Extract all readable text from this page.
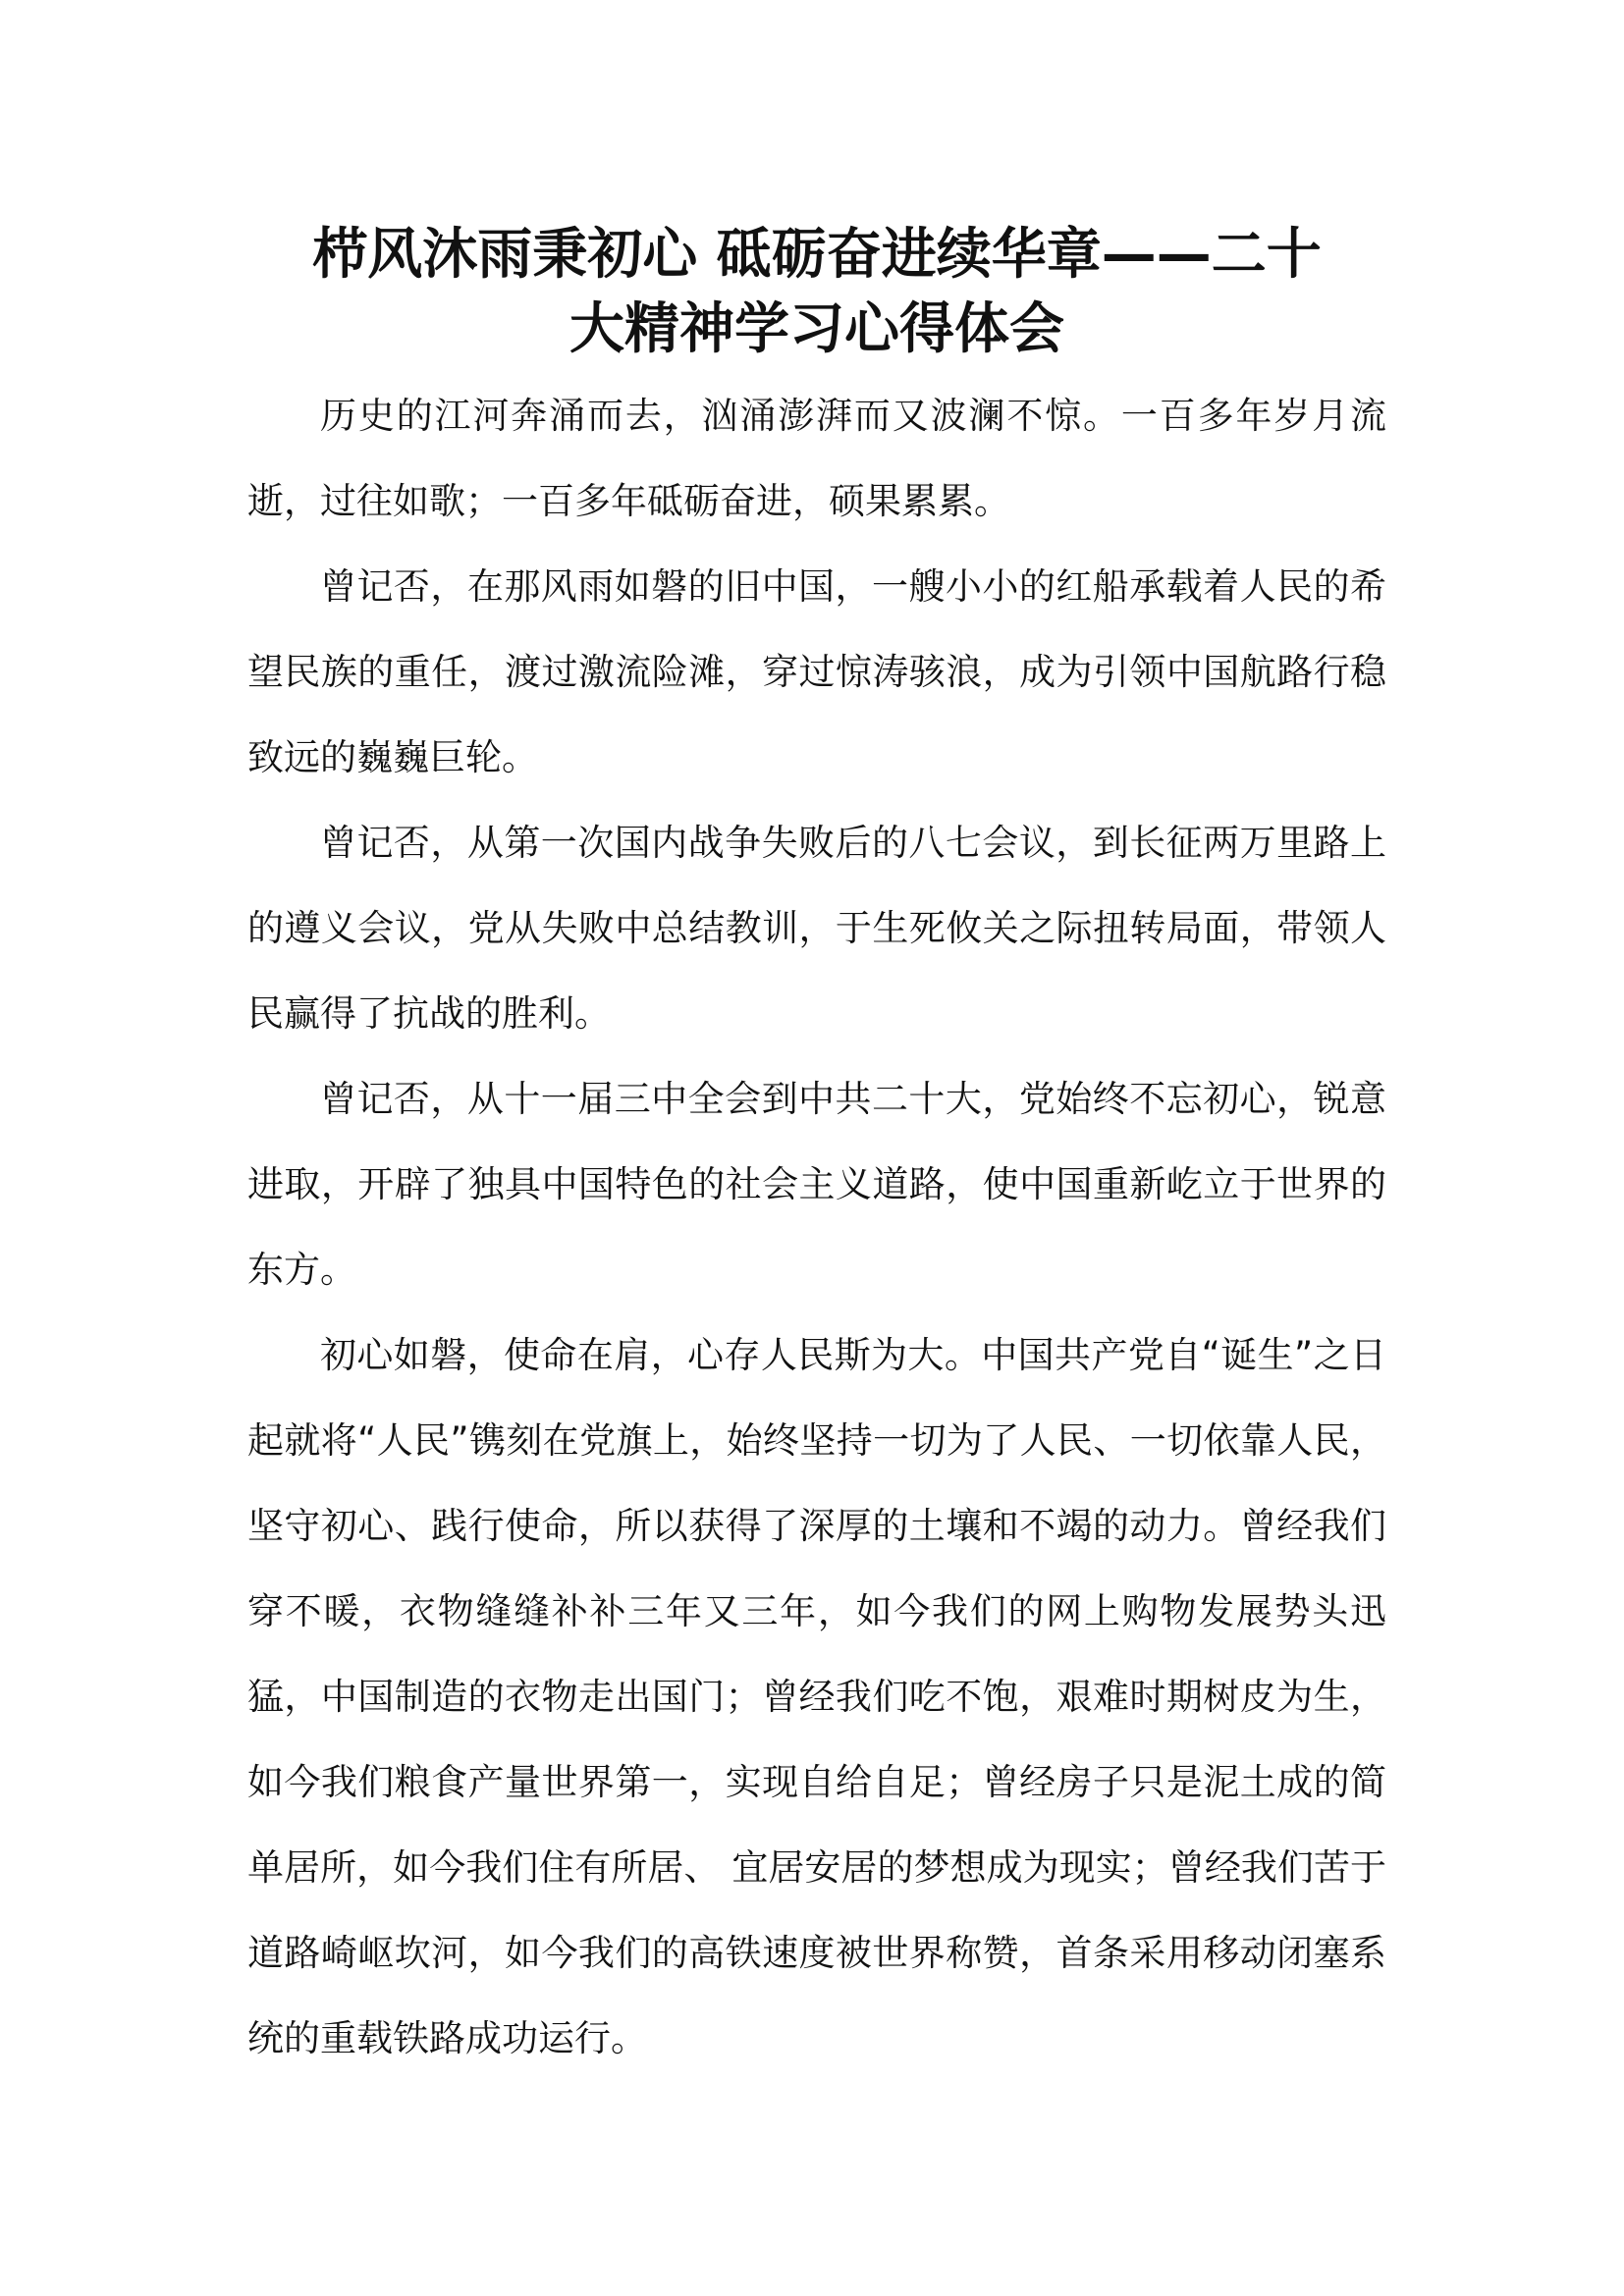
栉风沐雨秉初心 砥砺奋进续华章——二十
大精神学习心得体会

历史的江河奔涌而去，汹涌澎湃而又波澜不惊。一百多年岁月流逝，过往如歌；一百多年砥砺奋进，硕果累累。

曾记否，在那风雨如磐的旧中国，一艘小小的红船承载着人民的希望民族的重任，渡过激流险滩，穿过惊涛骇浪，成为引领中国航路行稳致远的巍巍巨轮。

曾记否，从第一次国内战争失败后的八七会议，到长征两万里路上的遵义会议，党从失败中总结教训，于生死攸关之际扭转局面，带领人民赢得了抗战的胜利。

曾记否，从十一届三中全会到中共二十大，党始终不忘初心，锐意进取，开辟了独具中国特色的社会主义道路，使中国重新屹立于世界的东方。

初心如磐，使命在肩，心存人民斯为大。中国共产党自“诞生”之日起就将“人民”镌刻在党旗上，始终坚持一切为了人民、一切依靠人民，坚守初心、践行使命，所以获得了深厚的土壤和不竭的动力。曾经我们穿不暖，衣物缝缝补补三年又三年，如今我们的网上购物发展势头迅猛，中国制造的衣物走出国门；曾经我们吃不饱，艰难时期树皮为生，如今我们粮食产量世界第一，实现自给自足；曾经房子只是泥土成的简单居所，如今我们住有所居、 宜居安居的梦想成为现实；曾经我们苦于道路崎岖坎河，如今我们的高铁速度被世界称赞，首条采用移动闭塞系统的重载铁路成功运行。
